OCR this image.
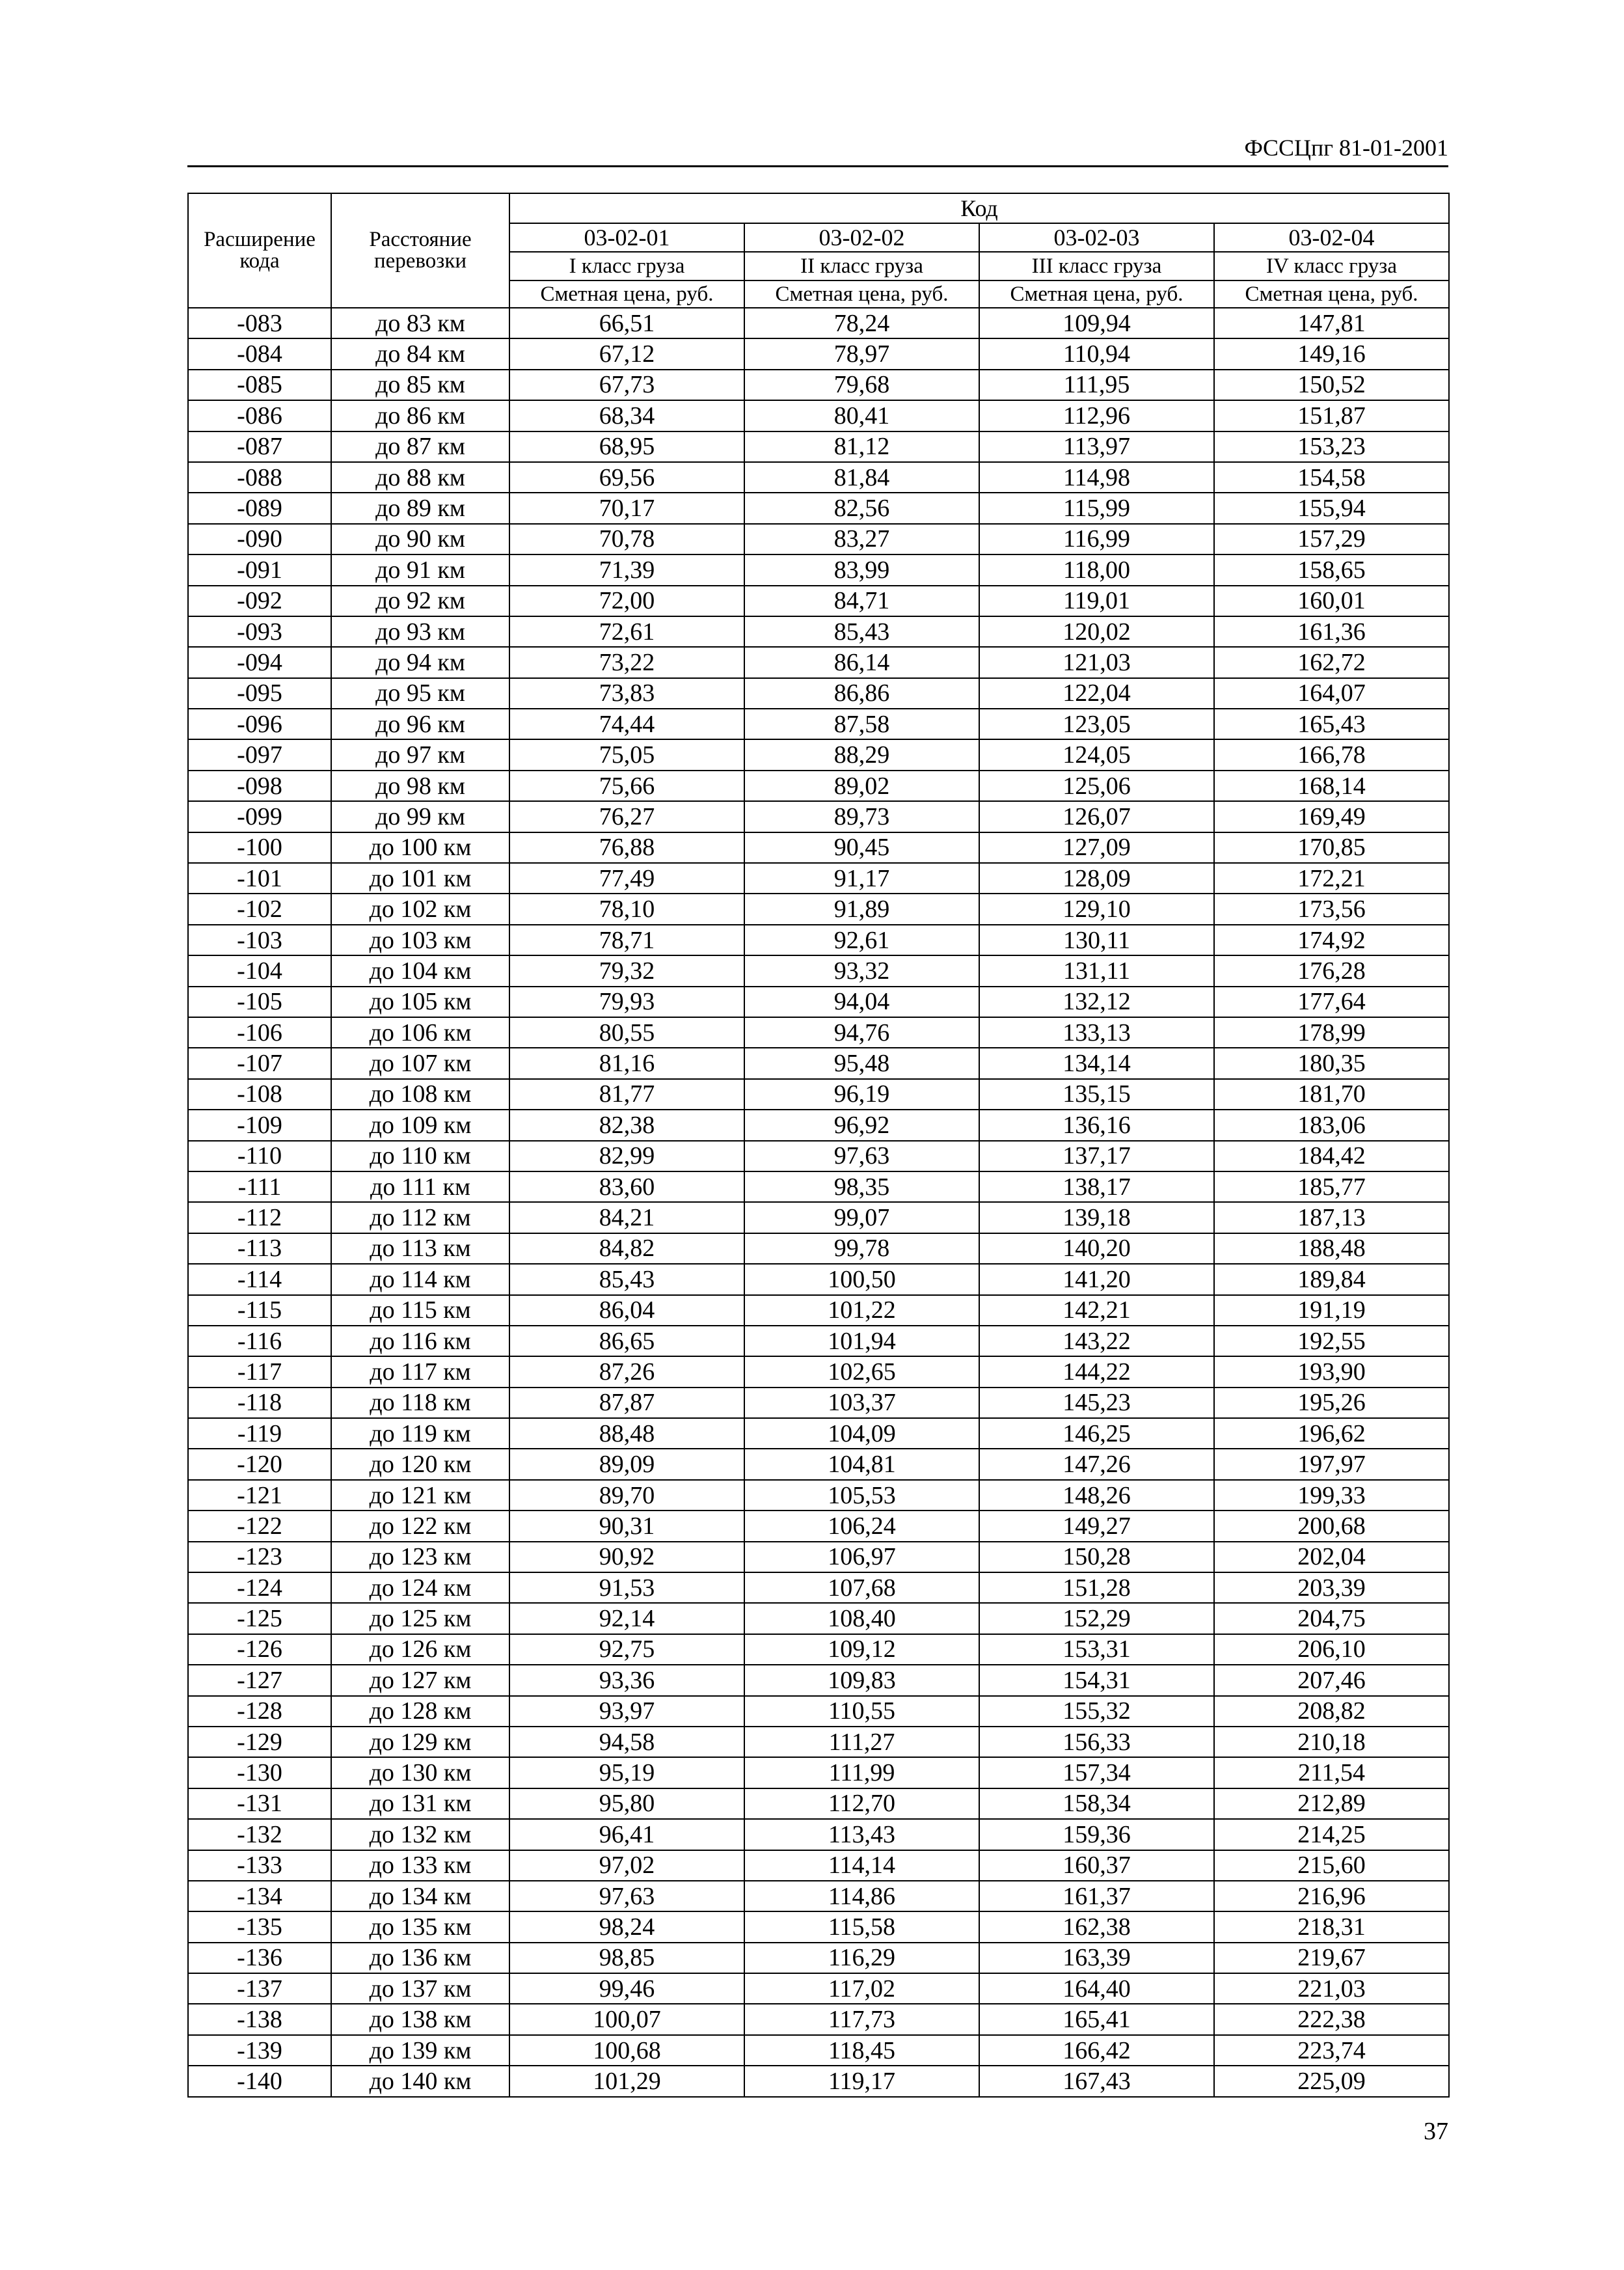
ФССЦпг 81-01-2001
Расширение кода	Расстояние перевозки	Код			
		03-02-01	03-02-02	03-02-03	03-02-04
		I класс груза	II класс груза	III класс груза	IV класс груза
		Сметная цена, руб.	Сметная цена, руб.	Сметная цена, руб.	Сметная цена, руб.
-083	до 83 км	66,51	78,24	109,94	147,81
-084	до 84 км	67,12	78,97	110,94	149,16
-085	до 85 км	67,73	79,68	111,95	150,52
-086	до 86 км	68,34	80,41	112,96	151,87
-087	до 87 км	68,95	81,12	113,97	153,23
-088	до 88 км	69,56	81,84	114,98	154,58
-089	до 89 км	70,17	82,56	115,99	155,94
-090	до 90 км	70,78	83,27	116,99	157,29
-091	до 91 км	71,39	83,99	118,00	158,65
-092	до 92 км	72,00	84,71	119,01	160,01
-093	до 93 км	72,61	85,43	120,02	161,36
-094	до 94 км	73,22	86,14	121,03	162,72
-095	до 95 км	73,83	86,86	122,04	164,07
-096	до 96 км	74,44	87,58	123,05	165,43
-097	до 97 км	75,05	88,29	124,05	166,78
-098	до 98 км	75,66	89,02	125,06	168,14
-099	до 99 км	76,27	89,73	126,07	169,49
-100	до 100 км	76,88	90,45	127,09	170,85
-101	до 101 км	77,49	91,17	128,09	172,21
-102	до 102 км	78,10	91,89	129,10	173,56
-103	до 103 км	78,71	92,61	130,11	174,92
-104	до 104 км	79,32	93,32	131,11	176,28
-105	до 105 км	79,93	94,04	132,12	177,64
-106	до 106 км	80,55	94,76	133,13	178,99
-107	до 107 км	81,16	95,48	134,14	180,35
-108	до 108 км	81,77	96,19	135,15	181,70
-109	до 109 км	82,38	96,92	136,16	183,06
-110	до 110 км	82,99	97,63	137,17	184,42
-111	до 111 км	83,60	98,35	138,17	185,77
-112	до 112 км	84,21	99,07	139,18	187,13
-113	до 113 км	84,82	99,78	140,20	188,48
-114	до 114 км	85,43	100,50	141,20	189,84
-115	до 115 км	86,04	101,22	142,21	191,19
-116	до 116 км	86,65	101,94	143,22	192,55
-117	до 117 км	87,26	102,65	144,22	193,90
-118	до 118 км	87,87	103,37	145,23	195,26
-119	до 119 км	88,48	104,09	146,25	196,62
-120	до 120 км	89,09	104,81	147,26	197,97
-121	до 121 км	89,70	105,53	148,26	199,33
-122	до 122 км	90,31	106,24	149,27	200,68
-123	до 123 км	90,92	106,97	150,28	202,04
-124	до 124 км	91,53	107,68	151,28	203,39
-125	до 125 км	92,14	108,40	152,29	204,75
-126	до 126 км	92,75	109,12	153,31	206,10
-127	до 127 км	93,36	109,83	154,31	207,46
-128	до 128 км	93,97	110,55	155,32	208,82
-129	до 129 км	94,58	111,27	156,33	210,18
-130	до 130 км	95,19	111,99	157,34	211,54
-131	до 131 км	95,80	112,70	158,34	212,89
-132	до 132 км	96,41	113,43	159,36	214,25
-133	до 133 км	97,02	114,14	160,37	215,60
-134	до 134 км	97,63	114,86	161,37	216,96
-135	до 135 км	98,24	115,58	162,38	218,31
-136	до 136 км	98,85	116,29	163,39	219,67
-137	до 137 км	99,46	117,02	164,40	221,03
-138	до 138 км	100,07	117,73	165,41	222,38
-139	до 139 км	100,68	118,45	166,42	223,74
-140	до 140 км	101,29	119,17	167,43	225,09
37
